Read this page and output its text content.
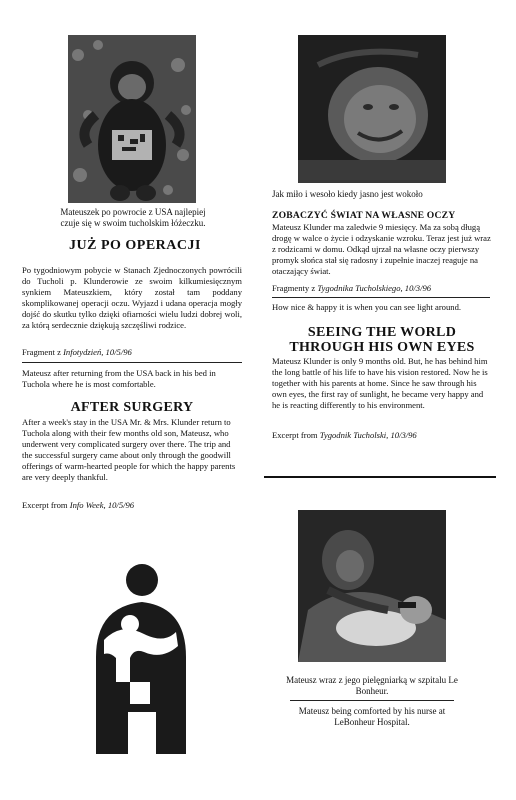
Mateuszek po powrocie z USA najlepiej czuje się w swoim tucholskim łóżeczku.
JUŻ PO OPERACJI
Po tygodniowym pobycie w Stanach Zjednoczonych powrócili do Tucholi p. Klunderowie ze swoim kilkumiesięcznym synkiem Mateuszkiem, który został tam poddany skomplikowanej operacji oczu. Wyjazd i udana operacja mogły dojść do skutku tylko dzięki ofiarności wielu ludzi dobrej woli, za którą serdecznie dziękują szczęśliwi rodzice.
Fragment z Infotydzień, 10/5/96
Mateusz after returning from the USA back in his bed in Tuchola where he is most comfortable.
AFTER SURGERY
After a week's stay in the USA Mr. & Mrs. Klunder return to Tuchola along with their few months old son, Mateusz, who underwent very complicated surgery over there. The trip and the successful surgery came about only through the goodwill offerings of warm-hearted people for which the happy parents are very deeply thankful.
Excerpt from Info Week, 10/5/96
Jak miło i wesoło kiedy jasno jest wokoło
ZOBACZYĆ ŚWIAT NA WŁASNE OCZY
Mateusz Klunder ma zaledwie 9 miesięcy. Ma za sobą długą drogę w walce o życie i odzyskanie wzroku. Teraz jest już wraz z rodzicami w domu. Odkąd ujrzał na własne oczy pierwszy promyk słońca stał się radosny i zupełnie inaczej reaguje na otaczający świat.
Fragmenty z Tygodnika Tucholskiego, 10/3/96
How nice & happy it is when you can see light around.
SEEING THE WORLD THROUGH HIS OWN EYES
Mateusz Klunder is only 9 months old. But, he has behind him the long battle of his life to have his vision restored. Now he is together with his parents at home. Since he saw through his own eyes, the first ray of sunlight, he became very happy and he is reacting differently to his environment.
Excerpt from Tygodnik Tucholski, 10/3/96
Mateusz wraz z jego pielęgniarką w szpitalu Le Bonheur.
Mateusz being comforted by his nurse at LeBonheur Hospital.
